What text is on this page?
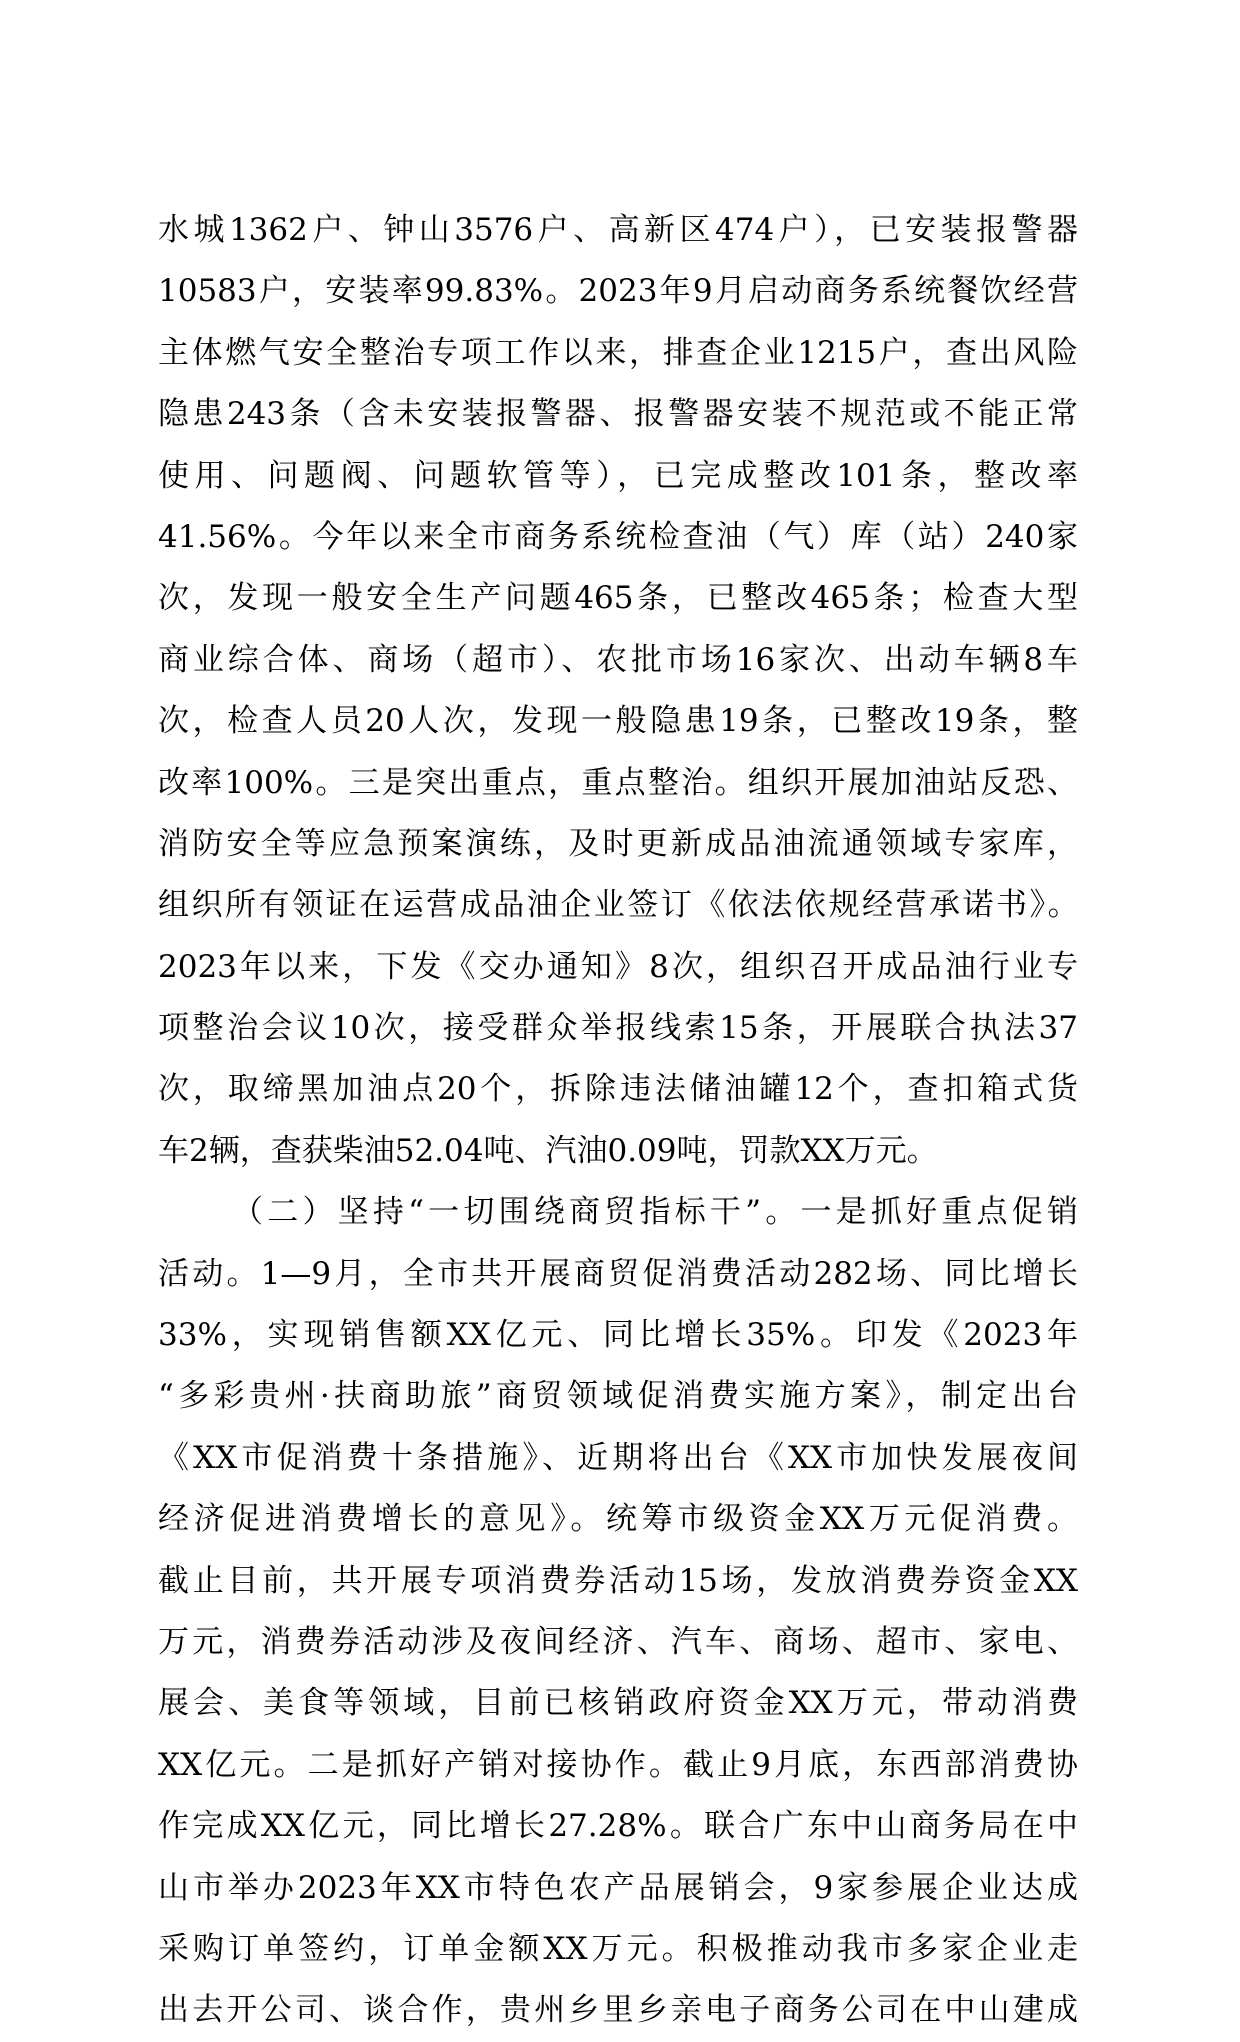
水城1362户、钟山3576户、高新区474户），已安装报警器
10583户，安装率99.83%。2023年9月启动商务系统餐饮经营
主体燃气安全整治专项工作以来，排查企业1215户，查出风险
隐患243条（含未安装报警器、报警器安装不规范或不能正常
使用、问题阀、问题软管等），已完成整改101条，整改率
41.56%。今年以来全市商务系统检查油（气）库（站）240家
次，发现一般安全生产问题465条，已整改465条；检查大型
商业综合体、商场（超市）、农批市场16家次、出动车辆8车
次，检查人员20人次，发现一般隐患19条，已整改19条，整
改率100%。三是突出重点，重点整治。组织开展加油站反恐、
消防安全等应急预案演练，及时更新成品油流通领域专家库，
组织所有领证在运营成品油企业签订《依法依规经营承诺书》。
2023年以来，下发《交办通知》8次，组织召开成品油行业专
项整治会议10次，接受群众举报线索15条，开展联合执法37
次，取缔黑加油点20个，拆除违法储油罐12个，查扣箱式货
车2辆，查获柴油52.04吨、汽油0.09吨，罚款XX万元。
（二）坚持“一切围绕商贸指标干”。一是抓好重点促销
活动。1—9月，全市共开展商贸促消费活动282场、同比增长
33%，实现销售额XX亿元、同比增长35%。印发《2023年
“多彩贵州·扶商助旅”商贸领域促消费实施方案》，制定出台
《XX市促消费十条措施》、近期将出台《XX市加快发展夜间
经济促进消费增长的意见》。统筹市级资金XX万元促消费。
截止目前，共开展专项消费券活动15场，发放消费券资金XX
万元，消费券活动涉及夜间经济、汽车、商场、超市、家电、
展会、美食等领域，目前已核销政府资金XX万元，带动消费
XX亿元。二是抓好产销对接协作。截止9月底，东西部消费协
作完成XX亿元，同比增长27.28%。联合广东中山商务局在中
山市举办2023年XX市特色农产品展销会，9家参展企业达成
采购订单签约，订单金额XX万元。积极推动我市多家企业走
出去开公司、谈合作，贵州乡里乡亲电子商务公司在中山建成
